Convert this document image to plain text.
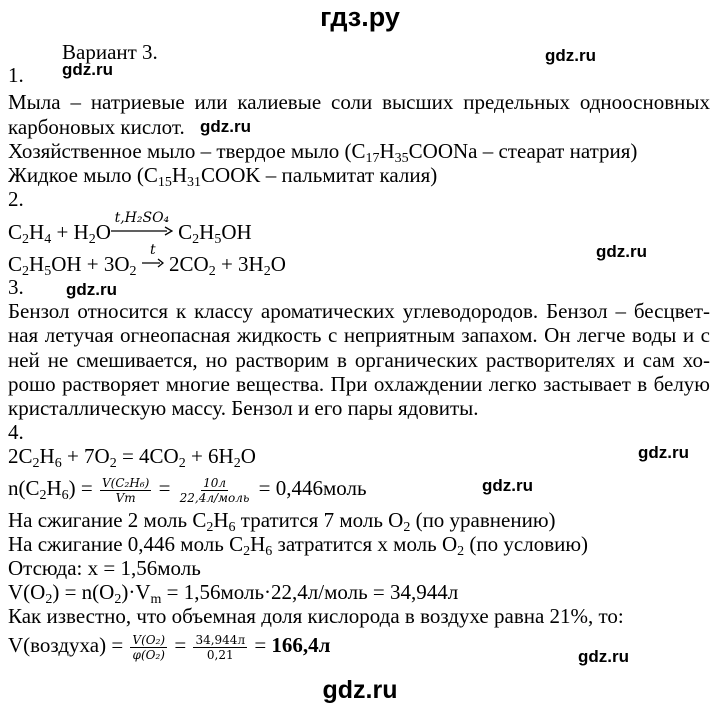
гдз.ру
gdz.ru
gdz.ru
gdz.ru
gdz.ru
gdz.ru
gdz.ru
gdz.ru
gdz.ru
gdz.ru
Вариант 3.
1.
Мыла – натриевые или калиевые соли высших предельных одноосновных
карбоновых кислот.
Хозяйственное мыло – твердое мыло ($C_{17}H_{35}COONa$ – стеарат натрия)
Жидкое мыло ($C_{15}H_{31}COOK$ – пальмитат калия)
2.
$C_2H_4 + H_2O$
t,H₂SO₄
$C_2H_5OH$
$C_2H_5OH + 3O_2$
t
$2CO_2 + 3H_2O$
3.
Бензол относится к классу ароматических углеводородов. Бензол – бесцвет-
ная летучая огнеопасная жидкость с неприятным запахом. Он легче воды и с
ней не смешивается, но растворим в органических растворителях и сам хо-
рошо растворяет многие вещества. При охлаждении легко застывает в белую
кристаллическую массу. Бензол и его пары ядовиты.
4.
$2C_2H_6 + 7O_2 = 4CO_2 + 6H_2O$
$n(C_2H_6) = \frac{\text{V(C₂H₆)}}{Vm} = \frac{10л}{\text{22,4л/моль}}$ = 0,446моль
На сжигание 2 моль $C_2H_6$ тратится 7 моль $O_2$ (по уравнению)
На сжигание 0,446 моль $C_2H_6$ затратится x моль $O_2$ (по условию)
Отсюда: x = 1,56моль
$V(O_2) = n(O_2)\cdot V_m$ = 1,56моль·22,4л/моль = 34,944л
Как известно, что объемная доля кислорода в воздухе равна 21%, то:
V(воздуха) = $\frac{\text{V(O₂)}}{\text{φ(O₂)}} = \frac{34,944л}{0,21} = 166,4л$
